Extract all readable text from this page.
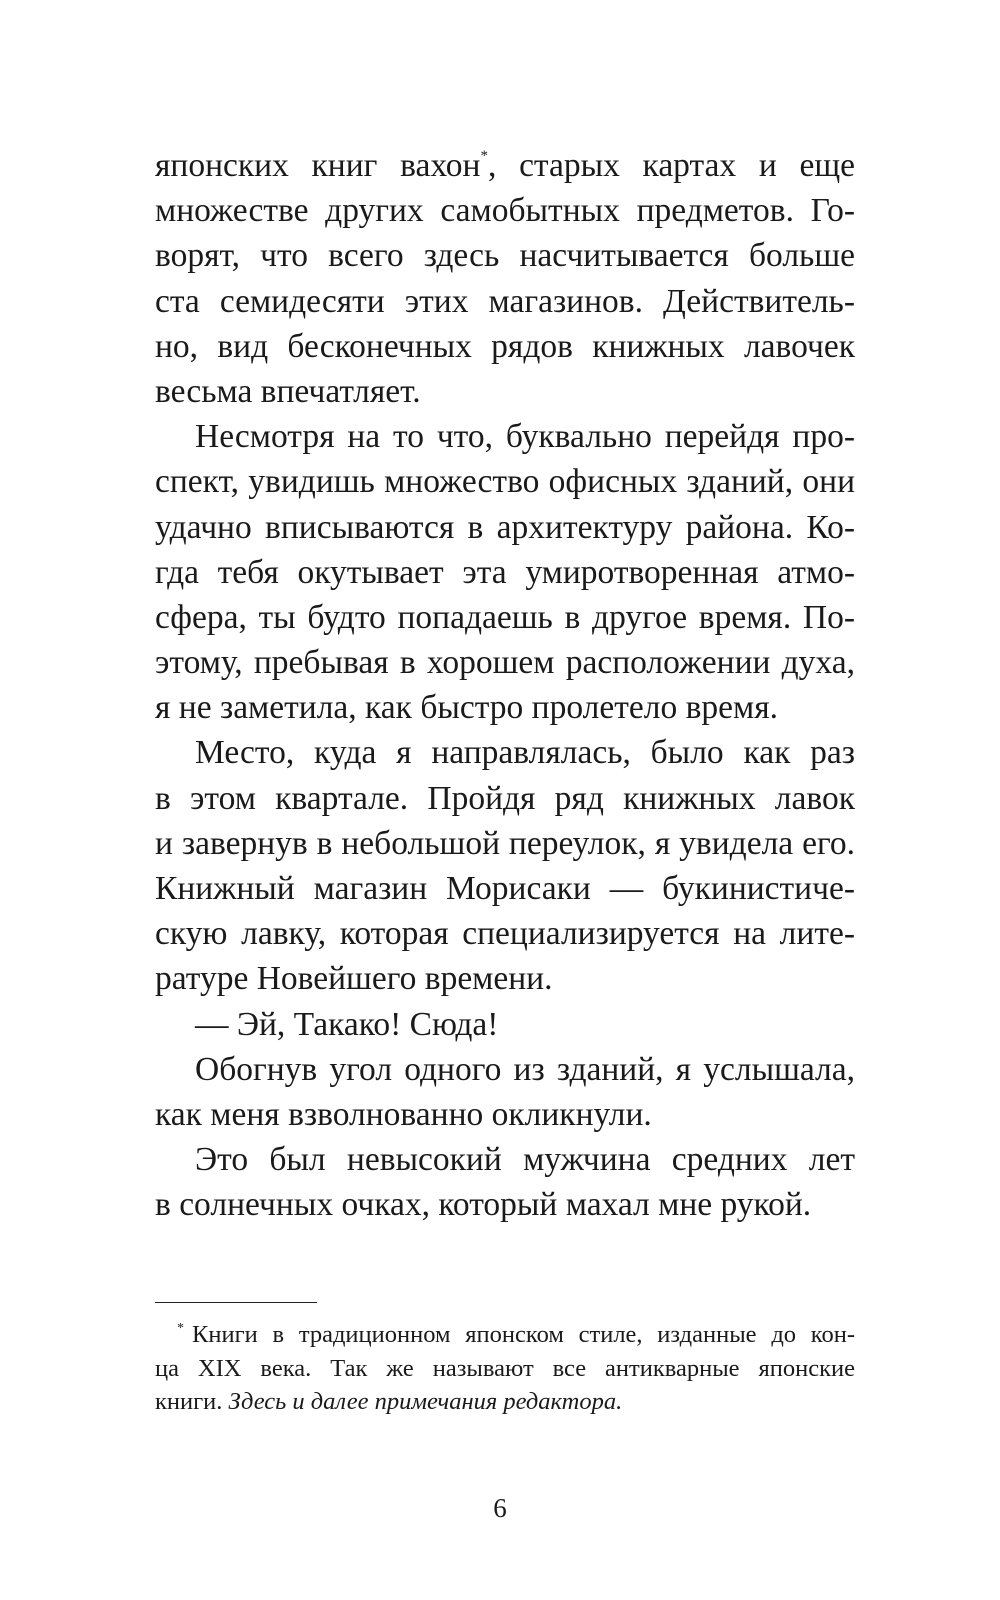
японских книг вахон*, старых картах и еще
множестве других самобытных предметов. Го-
ворят, что всего здесь насчитывается больше
ста семидесяти этих магазинов. Действитель-
но, вид бесконечных рядов книжных лавочек
весьма впечатляет.
Несмотря на то что, буквально перейдя про-
спект, увидишь множество офисных зданий, они
удачно вписываются в архитектуру района. Ко-
гда тебя окутывает эта умиротворенная атмо-
сфера, ты будто попадаешь в другое время. По-
этому, пребывая в хорошем расположении духа,
я не заметила, как быстро пролетело время.
Место, куда я направлялась, было как раз
в этом квартале. Пройдя ряд книжных лавок
и завернув в небольшой переулок, я увидела его.
Книжный магазин Морисаки — букинистиче-
скую лавку, которая специализируется на лите-
ратуре Новейшего времени.
— Эй, Такако! Сюда!
Обогнув угол одного из зданий, я услышала,
как меня взволнованно окликнули.
Это был невысокий мужчина средних лет
в солнечных очках, который махал мне рукой.
* Книги в традиционном японском стиле, изданные до кон-
ца XIX века. Так же называют все антикварные японские
книги. Здесь и далее примечания редактора.
6
